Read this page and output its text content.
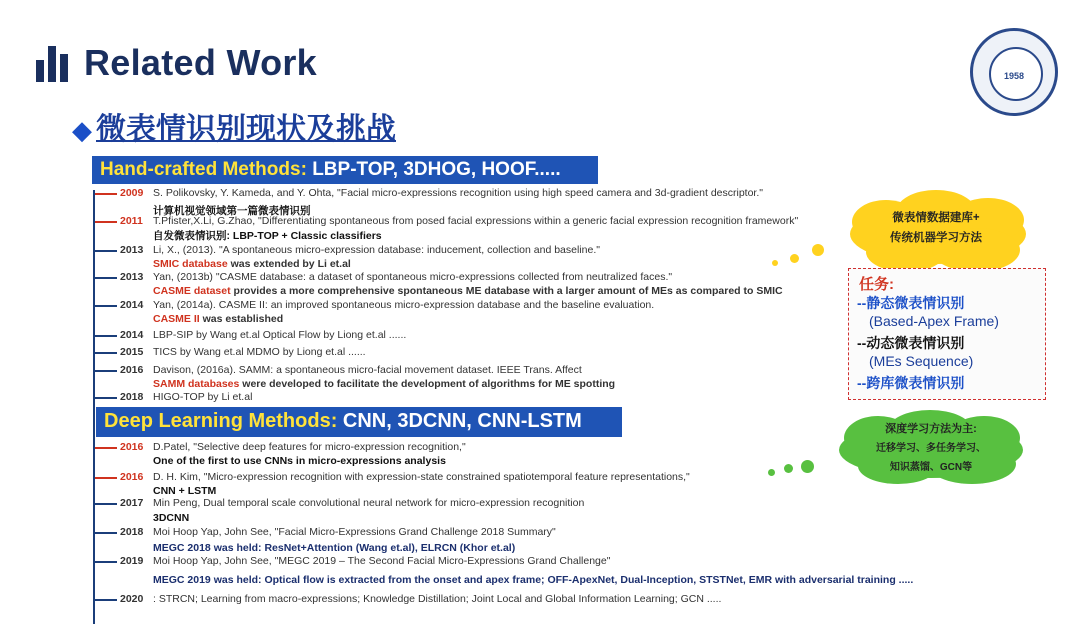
Related Work
◆ 微表情识别现状及挑战
1958
Hand-crafted Methods: LBP-TOP, 3DHOG, HOOF.....
Deep Learning Methods: CNN, 3DCNN, CNN-LSTM
2009 S. Polikovsky, Y. Kameda, and Y. Ohta, "Facial micro-expressions recognition using high speed camera and 3d-gradient descriptor."
计算机视觉领域第一篇微表情识别
2011 T.Pfister,X.Li, G.Zhao, "Differentiating spontaneous from posed facial expressions within a generic facial expression recognition framework"
自发微表情识别: LBP-TOP + Classic classifiers
2013 Li, X., (2013). "A spontaneous micro-expression database: inducement, collection and baseline."
SMIC database was extended by Li et.al
2013 Yan, (2013b) "CASME database: a dataset of spontaneous micro-expressions collected from neutralized faces."
CASME dataset provides a more comprehensive spontaneous ME database with a larger amount of MEs as compared to SMIC
2014 Yan, (2014a). CASME II: an improved spontaneous micro-expression database and the baseline evaluation.
CASME II was established
2014 LBP-SIP by Wang et.al Optical Flow by Liong et.al ......
2015 TICS by Wang et.al MDMO by Liong et.al ......
2016 Davison, (2016a). SAMM: a spontaneous micro-facial movement dataset. IEEE Trans. Affect
SAMM databases were developed to facilitate the development of algorithms for ME spotting
2018 HIGO-TOP by Li et.al
2016 D.Patel, "Selective deep features for micro-expression recognition,"
One of the first to use CNNs in micro-expressions analysis
2016 D. H. Kim, "Micro-expression recognition with expression-state constrained spatiotemporal feature representations,"
CNN + LSTM
2017 Min Peng, Dual temporal scale convolutional neural network for micro-expression recognition
3DCNN
2018 Moi Hoop Yap, John See, "Facial Micro-Expressions Grand Challenge 2018 Summary"
MEGC 2018 was held: ResNet+Attention (Wang et.al), ELRCN (Khor et.al)
2019 Moi Hoop Yap, John See, "MEGC 2019 – The Second Facial Micro-Expressions Grand Challenge"
MEGC 2019 was held: Optical flow is extracted from the onset and apex frame; OFF-ApexNet, Dual-Inception, STSTNet, EMR with adversarial training .....
2020 : STRCN; Learning from macro-expressions; Knowledge Distillation; Joint Local and Global Information Learning; GCN .....
微表情数据建库+
传统机器学习方法
任务:
--静态微表情识别
(Based-Apex Frame)
--动态微表情识别
(MEs Sequence)
--跨库微表情识别
深度学习方法为主:
迁移学习、多任务学习、
知识蒸馏、GCN等
